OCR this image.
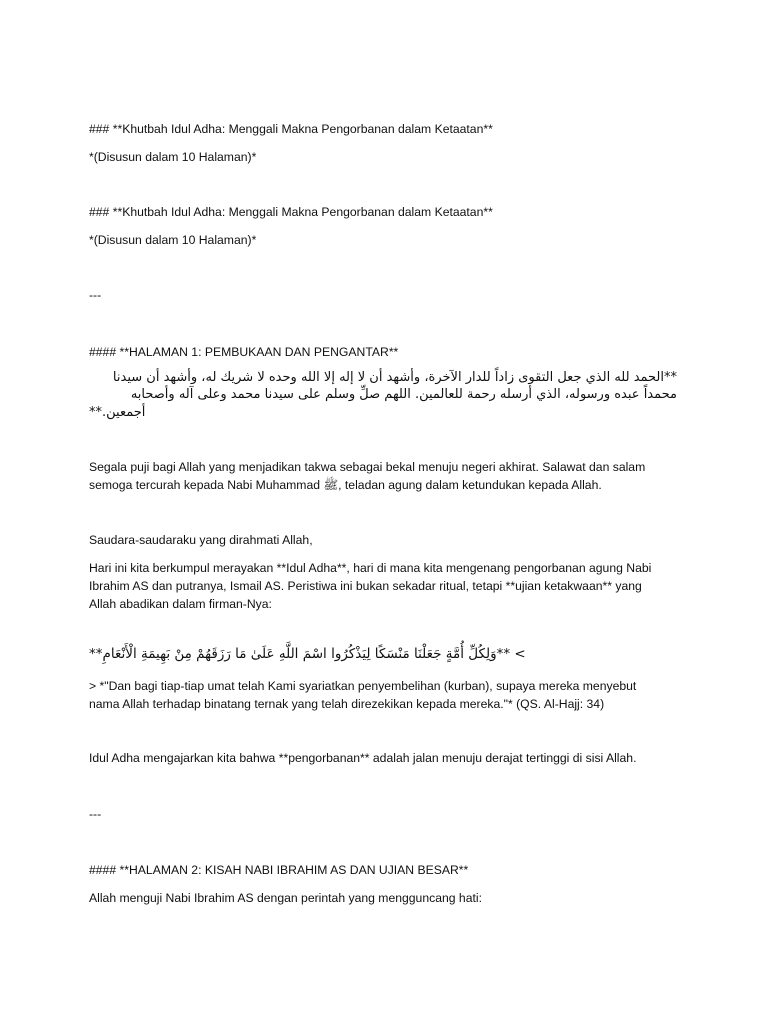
### **Khutbah Idul Adha: Menggali Makna Pengorbanan dalam Ketaatan**
*(Disusun dalam 10 Halaman)*
### **Khutbah Idul Adha: Menggali Makna Pengorbanan dalam Ketaatan**
*(Disusun dalam 10 Halaman)*
---
#### **HALAMAN 1: PEMBUKAAN DAN PENGANTAR**
**الحمد لله الذي جعل التقوى زاداً للدار الآخرة، وأشهد أن لا إله إلا الله وحده لا شريك له، وأشهد أن سيدنا
محمداً عبده ورسوله، الذي أرسله رحمة للعالمين. اللهم صلِّ وسلم على سيدنا محمد وعلى آله وأصحابه
أجمعين.**
Segala puji bagi Allah yang menjadikan takwa sebagai bekal menuju negeri akhirat. Salawat dan salam
semoga tercurah kepada Nabi Muhammad ﷺ, teladan agung dalam ketundukan kepada Allah.
Saudara-saudaraku yang dirahmati Allah,
Hari ini kita berkumpul merayakan **Idul Adha**, hari di mana kita mengenang pengorbanan agung Nabi
Ibrahim AS dan putranya, Ismail AS. Peristiwa ini bukan sekadar ritual, tetapi **ujian ketakwaan** yang
Allah abadikan dalam firman-Nya:
> **وَلِكُلِّ أُمَّةٍ جَعَلْنَا مَنْسَكًا لِيَذْكُرُوا اسْمَ اللَّهِ عَلَىٰ مَا رَزَقَهُمْ مِنْ بَهِيمَةِ الْأَنْعَامِ**
> *"Dan bagi tiap-tiap umat telah Kami syariatkan penyembelihan (kurban), supaya mereka menyebut
nama Allah terhadap binatang ternak yang telah direzekikan kepada mereka."* (QS. Al-Hajj: 34)
Idul Adha mengajarkan kita bahwa **pengorbanan** adalah jalan menuju derajat tertinggi di sisi Allah.
---
#### **HALAMAN 2: KISAH NABI IBRAHIM AS DAN UJIAN BESAR**
Allah menguji Nabi Ibrahim AS dengan perintah yang mengguncang hati:
